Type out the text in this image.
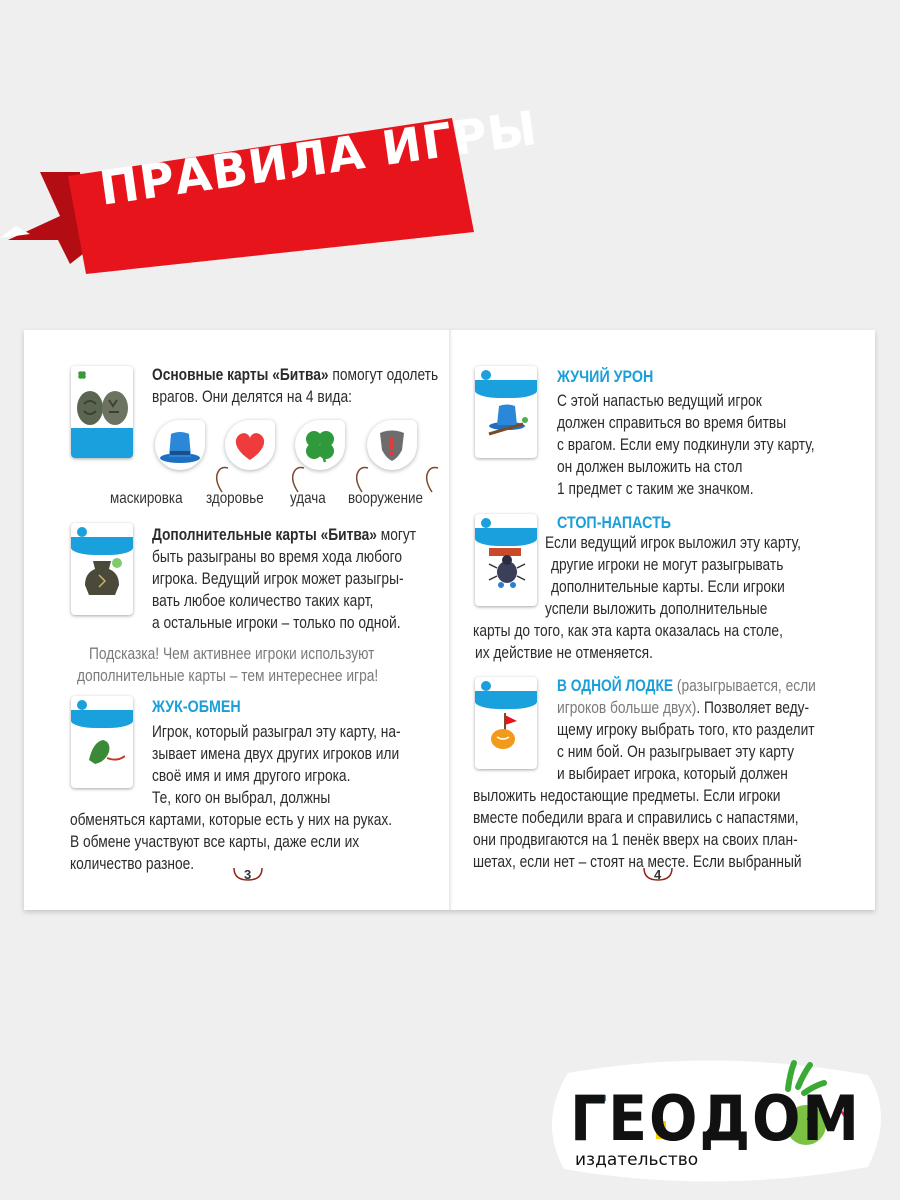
ПРАВИЛА ИГРЫ
Основные карты «Битва» помогут одолеть
врагов. Они делятся на 4 вида:
маскировка здоровье удача вооружение
Дополнительные карты «Битва» могут
быть разыграны во время хода любого
игрока. Ведущий игрок может разыгры-
вать любое количество таких карт,
а остальные игроки – только по одной.
Подсказка! Чем активнее игроки используют
дополнительные карты – тем интереснее игра!
ЖУК-ОБМЕН
Игрок, который разыграл эту карту, на-
зывает имена двух других игроков или
своё имя и имя другого игрока.
Те, кого он выбрал, должны
обменяться картами, которые есть у них на руках.
В обмене участвуют все карты, даже если их
количество разное.
3
ЖУЧИЙ УРОН
С этой напастью ведущий игрок
должен справиться во время битвы
с врагом. Если ему подкинули эту карту,
он должен выложить на стол
1 предмет с таким же значком.
СТОП-НАПАСТЬ
Если ведущий игрок выложил эту карту,
другие игроки не могут разыгрывать
дополнительные карты. Если игроки
успели выложить дополнительные
карты до того, как эта карта оказалась на столе,
их действие не отменяется.
В ОДНОЙ ЛОДКЕ (разыгрывается, если
игроков больше двух). Позволяет веду-
щему игроку выбрать того, кто разделит
с ним бой. Он разыгрывает эту карту
и выбирает игрока, который должен
выложить недостающие предметы. Если игроки
вместе победили врага и справились с напастями,
они продвигаются на 1 пенёк вверх на своих план-
шетах, если нет – стоят на месте. Если выбранный
4
ГЕОДОМ
издательство
